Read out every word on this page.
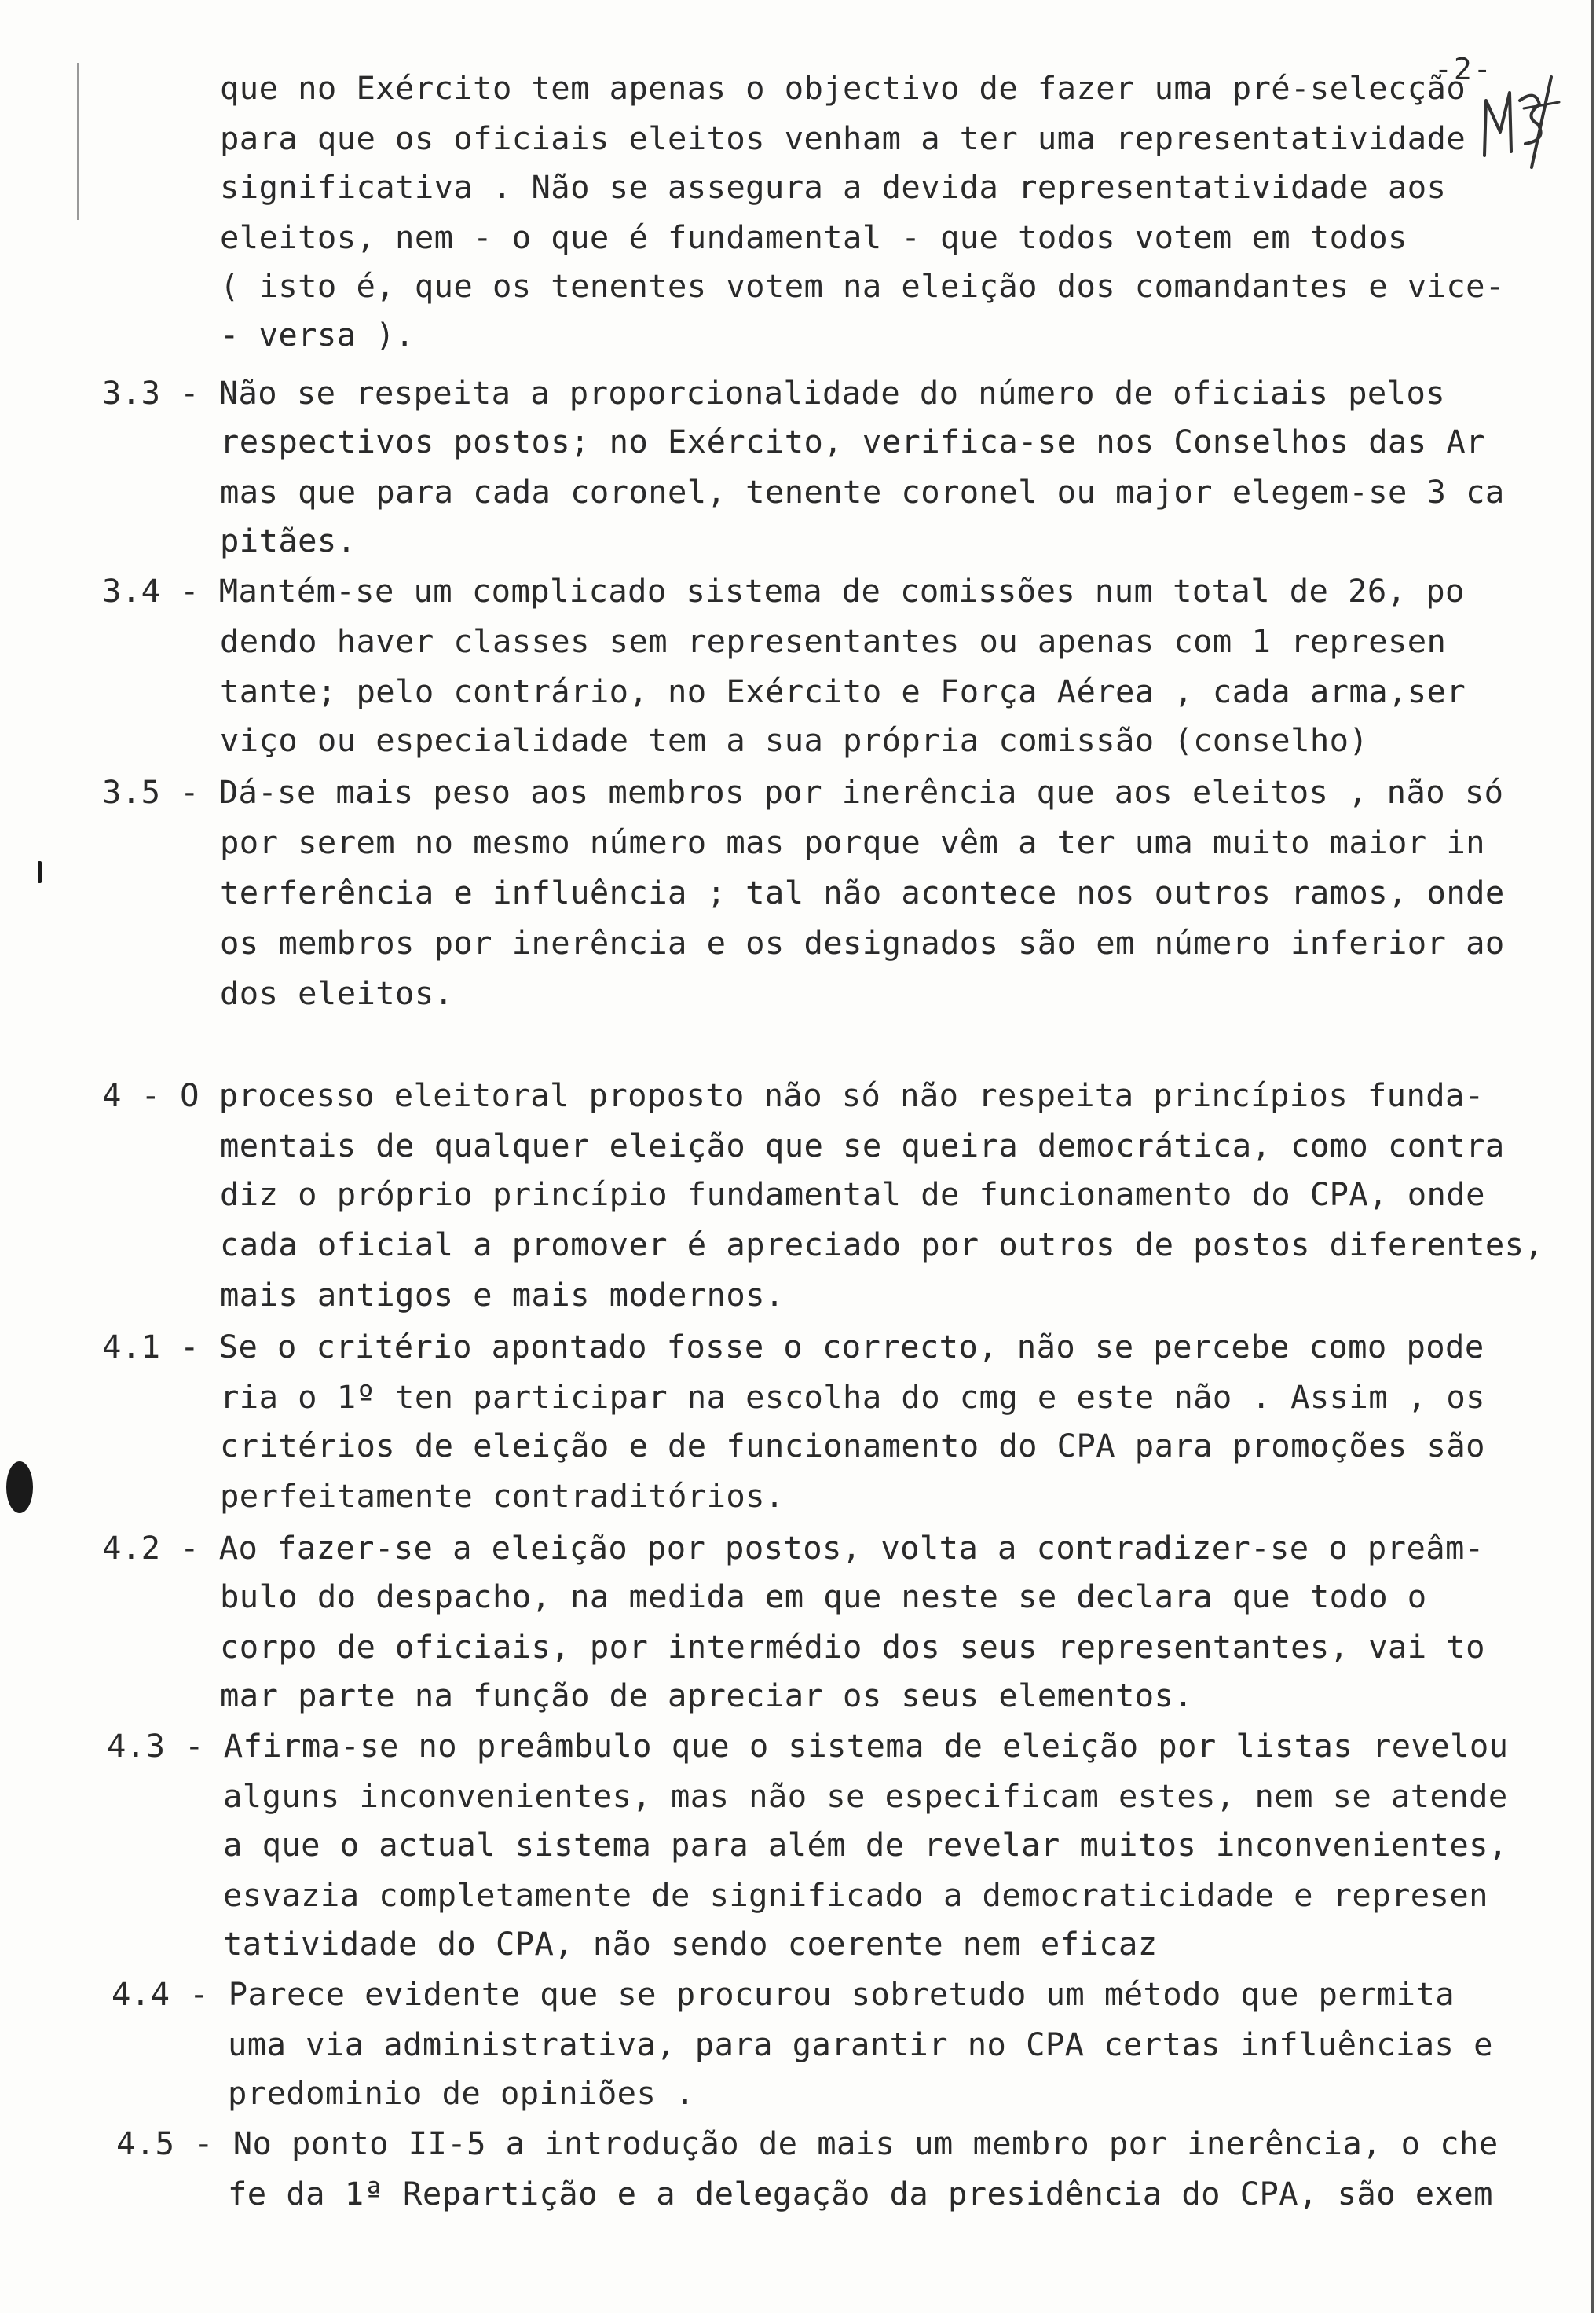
-2-
que no Exército tem apenas o objectivo de fazer uma pré-selecção
para que os oficiais eleitos venham a ter uma representatividade
significativa . Não se assegura a devida representatividade aos
eleitos, nem - o que é fundamental - que todos votem em todos
( isto é, que os tenentes votem na eleição dos comandantes e vice-
- versa ).
3.3 - Não se respeita a proporcionalidade do número de oficiais pelos
respectivos postos; no Exército, verifica-se nos Conselhos das Ar
mas que para cada coronel, tenente coronel ou major elegem-se 3 ca
pitães.
3.4 - Mantém-se um complicado sistema de comissões num total de 26, po
dendo haver classes sem representantes ou apenas com 1 represen
tante; pelo contrário, no Exército e Força Aérea , cada arma,ser
viço ou especialidade tem a sua própria comissão (conselho)
3.5 - Dá-se mais peso aos membros por inerência que aos eleitos , não só
por serem no mesmo número mas porque vêm a ter uma muito maior in
terferência e influência ; tal não acontece nos outros ramos, onde
os membros por inerência e os designados são em número inferior ao
dos eleitos.
4 - O processo eleitoral proposto não só não respeita princípios funda-
mentais de qualquer eleição que se queira democrática, como contra
diz o próprio princípio fundamental de funcionamento do CPA, onde
cada oficial a promover é apreciado por outros de postos diferentes,
mais antigos e mais modernos.
4.1 - Se o critério apontado fosse o correcto, não se percebe como pode
ria o 1º ten participar na escolha do cmg e este não . Assim , os
critérios de eleição e de funcionamento do CPA para promoções são
perfeitamente contraditórios.
4.2 - Ao fazer-se a eleição por postos, volta a contradizer-se o preâm-
bulo do despacho, na medida em que neste se declara que todo o
corpo de oficiais, por intermédio dos seus representantes, vai to
mar parte na função de apreciar os seus elementos.
4.3 - Afirma-se no preâmbulo que o sistema de eleição por listas revelou
alguns inconvenientes, mas não se especificam estes, nem se atende
a que o actual sistema para além de revelar muitos inconvenientes,
esvazia completamente de significado a democraticidade e represen
tatividade do CPA, não sendo coerente nem eficaz
4.4 - Parece evidente que se procurou sobretudo um método que permita
uma via administrativa, para garantir no CPA certas influências e
predominio de opiniões .
4.5 - No ponto II-5 a introdução de mais um membro por inerência, o che
fe da 1ª Repartição e a delegação da presidência do CPA, são exem
